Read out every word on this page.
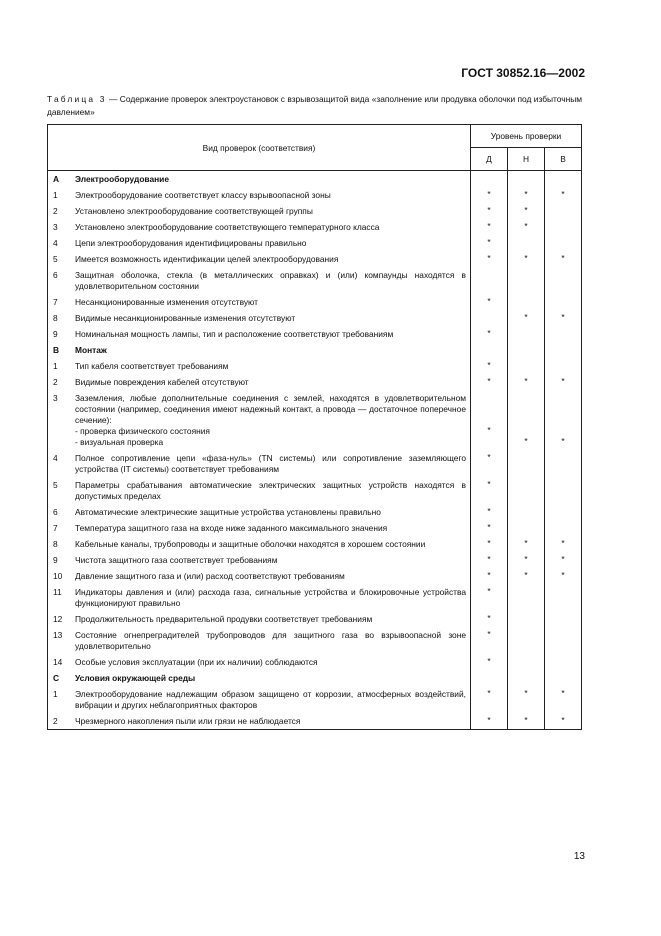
ГОСТ 30852.16—2002
Таблица 3 — Содержание проверок электроустановок с взрывозащитой вида «заполнение или продувка оболочки под избыточным давлением»
Вид проверок (соответствия)		Уровень проверки		
		Д	Н	В
A	Электрооборудование			
1	Электрооборудование соответствует классу взрывоопасной зоны	*	*	*

2	Установлено электрооборудование соответствующей группы	*	*	

3	Установлено электрооборудование соответствующего температурного класса	*	*	

4	Цепи электрооборудования идентифицированы правильно	*		

5	Имеется возможность идентификации целей электрооборудования	*	*	*

6	Защитная оболочка, стекла (в металлических оправках) и (или) компаунды находятся в удовлетворительном состоянии			
7	Несанкционированные изменения отсутствуют	*		

8	Видимые несанкционированные изменения отсутствуют		*	*

9	Номинальная мощность лампы, тип и расположение соответствуют требованиям	*		

B	Монтаж			
1	Тип кабеля соответствует требованиям	*		

2	Видимые повреждения кабелей отсутствуют	*	*	*

3	Заземления, любые дополнительные соединения с землей, находятся в удовлетворительном состоянии (например, соединения имеют надежный контакт, а провода — достаточное поперечное сечение):
- проверка физического состояния
- визуальная проверка	*	*	*

4	Полное сопротивление цепи «фаза-нуль» (TN системы) или сопротивление заземляющего устройства (IT системы) соответствует требованиям	*		

5	Параметры срабатывания автоматические электрических защитных устройств находятся в допустимых пределах	*		

6	Автоматические электрические защитные устройства установлены правильно	*		

7	Температура защитного газа на входе ниже заданного максимального значения	*		

8	Кабельные каналы, трубопроводы и защитные оболочки находятся в хорошем состоянии	*	*	*

9	Чистота защитного газа соответствует требованиям	*	*	*

10	Давление защитного газа и (или) расход соответствуют требованиям	*	*	*

11	Индикаторы давления и (или) расхода газа, сигнальные устройства и блокировочные устройства функционируют правильно	*		

12	Продолжительность предварительной продувки соответствует требованиям	*		

13	Состояние огнепреградителей трубопроводов для защитного газа во взрывоопасной зоне удовлетворительно	*		

14	Особые условия эксплуатации (при их наличии) соблюдаются	*		

C	Условия окружающей среды			
1	Электрооборудование надлежащим образом защищено от коррозии, атмосферных воздействий, вибрации и других неблагоприятных факторов	*	*	*

2	Чрезмерного накопления пыли или грязи не наблюдается	*	*	*
13
